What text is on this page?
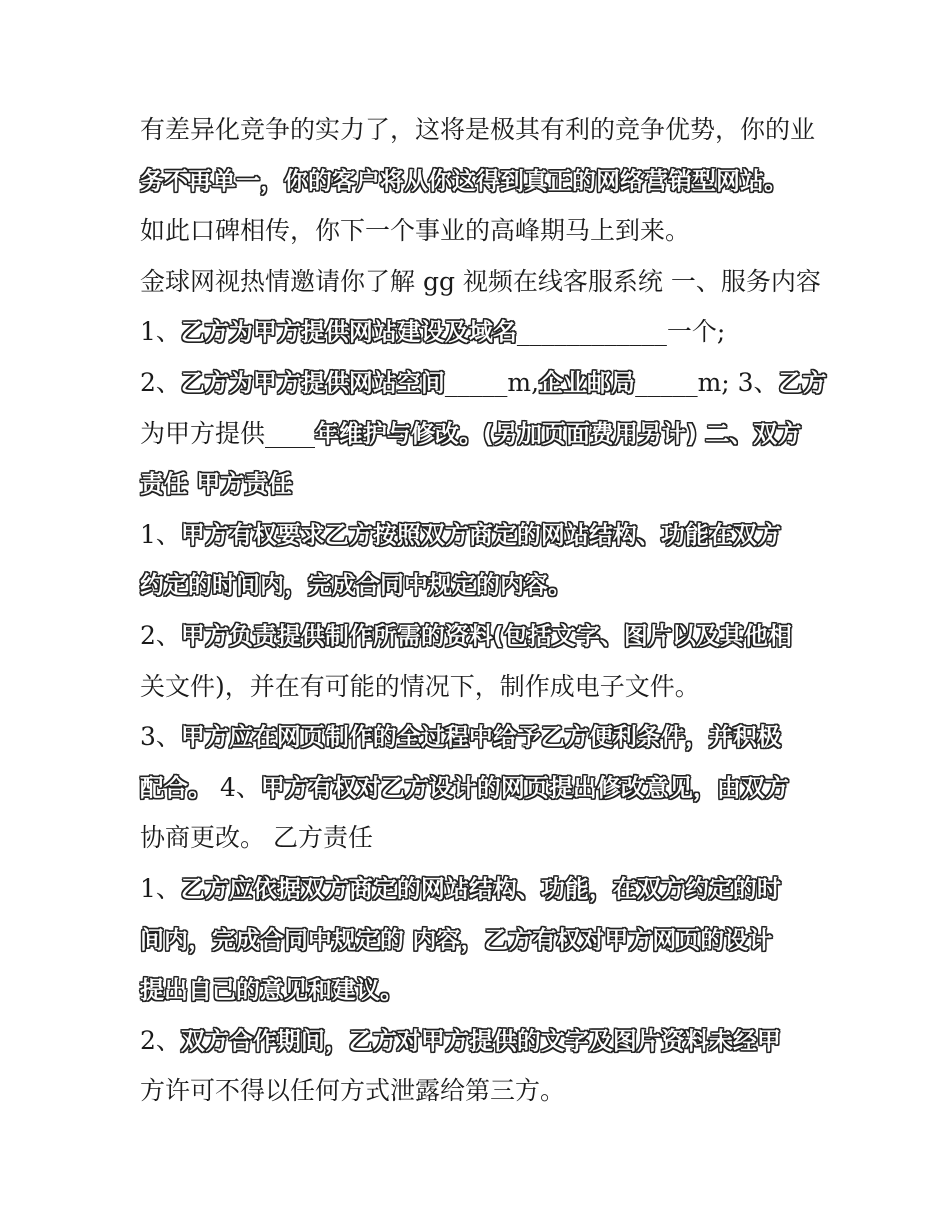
有差异化竞争的实力了，这将是极其有利的竞争优势，你的业
务不再单一，你的客户将从你这得到真正的网络营销型网站。
如此口碑相传，你下一个事业的高峰期马上到来。
金球网视热情邀请你了解 gg 视频在线客服系统 一、服务内容
1、乙方为甲方提供网站建设及域名____________一个;
2、乙方为甲方提供网站空间_____m,企业邮局_____m; 3、乙方
为甲方提供____年维护与修改。(另加页面费用另计) 二、双方
责任 甲方责任
1、甲方有权要求乙方按照双方商定的网站结构、功能在双方
约定的时间内，完成合同中规定的内容。
2、甲方负责提供制作所需的资料(包括文字、图片以及其他相
关文件)，并在有可能的情况下，制作成电子文件。
3、甲方应在网页制作的全过程中给予乙方便利条件，并积极
配合。 4、甲方有权对乙方设计的网页提出修改意见，由双方
协商更改。 乙方责任
1、乙方应依据双方商定的网站结构、功能，在双方约定的时
间内，完成合同中规定的 内容，乙方有权对甲方网页的设计
提出自己的意见和建议。
2、双方合作期间，乙方对甲方提供的文字及图片资料未经甲
方许可不得以任何方式泄露给第三方。
